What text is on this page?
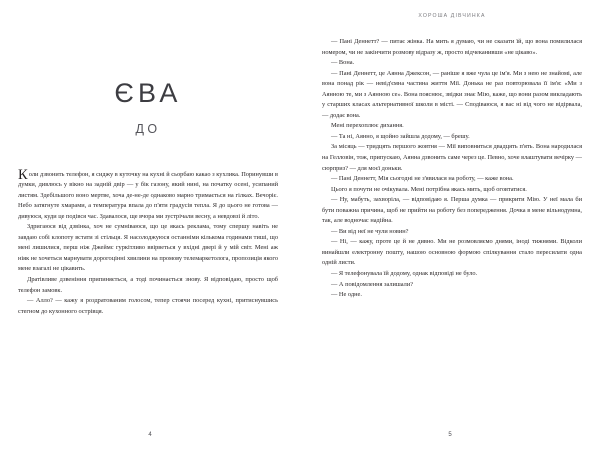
ЄВА
ДО

Коли дзвонить телефон, я сиджу в куточку на кухні й сьорбаю какао з кухлика. Поринувши в думки, дивлюсь у вікно на задній двір — у бік газону, який нині, на початку осені, усипаний листям. Здебільшого воно мертве, хоча де-не-де однаково марно тримається на гілках. Вечоріє. Небо затягнуте хмарами, а температура впала до п'яти градусів тепла. Я до цього не готова — дивуюся, куди це подівся час. Здавалося, ще вчора ми зустрічали весну, а невдовзі й літо.

Здригаюся від дзвінка, хоч не сумніваюся, що це якась реклама, тому спершу навіть не завдаю собі клопоту встати зі стільця. Я насолоджуюся останніми кількома годинами тиші, що мені лишилися, перш ніж Джеймс гуркітливо ввірветься у вхідні двері й у мій світ. Мені аж ніяк не хочеться марнувати дорогоцінні хвилини на промову телемаркетолога, пропозиція якого мене взагалі не цікавить.

Дратівливе дзвеніння припиняється, а тоді починається знову. Я відповідаю, просто щоб телефон замовк.

— Алло? — кажу я роздратованим голосом, тепер стоячи посеред кухні, притиснувшись стегном до кухонного острівця.

4
ХОРОША ДІВЧИНКА

— Пані Деннетт? — питає жінка. На мить я думаю, чи не сказати їй, що вона помилилася номером, чи не закінчити розмову відразу ж, просто відчеканивши «не цікаво».

— Вона.

— Пані Деннетт, це Аянна Джексон, — раніше я вже чула це ім'я. Ми з нею не знайомі, але вона понад рік — невід'ємна частина життя Мії. Донька не раз повторювала її ім'я: «Ми з Аянною те, ми з Аянною се». Вона пояснює, звідки знає Мію, каже, що вони разом викладають у старших класах альтернативної школи в місті. — Сподіваюся, я вас ні від чого не відірвала, — додає вона.

Мені перехоплює дихання.

— Та ні, Аянно, я щойно зайшла додому, — брешу.

За місяць — тридцять першого жовтня — Мії виповниться двадцять п'ять. Вона народилася на Гелловін, тож, припускаю, Аянна дзвонить саме через це. Певно, хоче влаштувати вечірку — сюрприз? — для моєї доньки.

— Пані Деннетт, Мія сьогодні не з'явилася на роботу, — каже вона.

Цього я почути не очікувала. Мені потрібна якась мить, щоб оговтатися.

— Ну, мабуть, захворіла, — відповідаю я. Перша думка — прикрити Мію. У неї мала би бути поважна причина, щоб не прийти на роботу без попередження. Дочка в мене вільнодумна, так, але водночас надійна.

— Ви від неї не чули новин?

— Ні, — кажу, проте це й не дивно. Ми не розмовляємо днями, іноді тижнями. Відколи винайшли електронну пошту, нашою основною формою спілкування стало пересилати одна одній листи.

— Я телефонувала їй додому, однак відповіді не було.

— А повідомлення залишали?

— Не одне.

5
